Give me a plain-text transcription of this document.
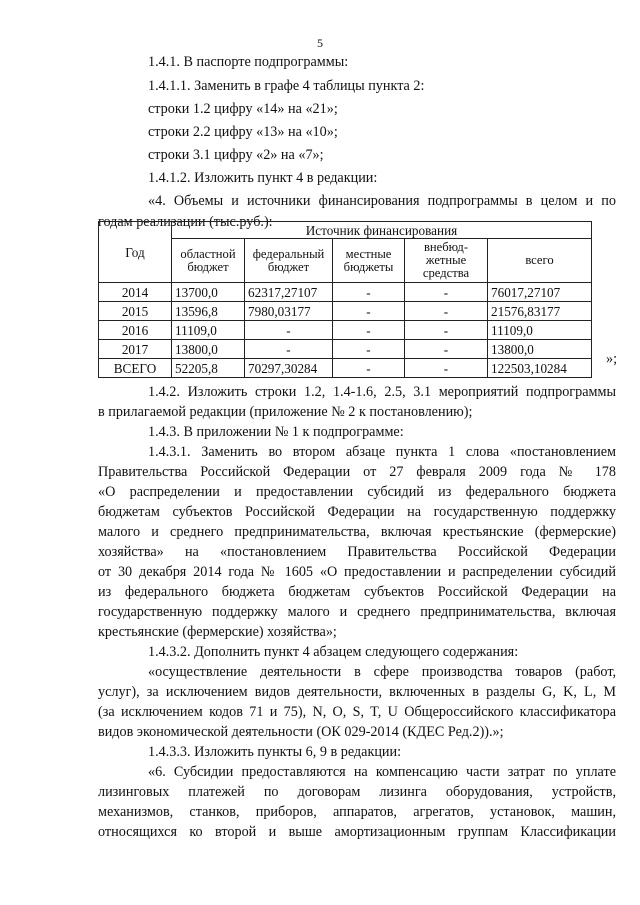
5
1.4.1. В паспорте подпрограммы:
1.4.1.1. Заменить в графе 4 таблицы пункта 2:
строки 1.2 цифру «14» на «21»;
строки 2.2 цифру «13» на «10»;
строки 3.1 цифру «2» на «7»;
1.4.1.2. Изложить пункт 4 в редакции:
«4. Объемы и источники финансирования подпрограммы в целом и по
годам реализации (тыс.руб.):
Год	Источник финансирования				
	областной бюджет	федеральный бюджет	местные бюджеты	внебюд-жетные средства	всего
2014	13700,0	62317,27107	-	-	76017,27107
2015	13596,8	7980,03177	-	-	21576,83177
2016	11109,0	-	-	-	11109,0
2017	13800,0	-	-	-	13800,0
ВСЕГО	52205,8	70297,30284	-	-	122503,10284
»;
1.4.2. Изложить строки 1.2, 1.4-1.6, 2.5, 3.1 мероприятий подпрограммы
в прилагаемой редакции (приложение № 2 к постановлению);
1.4.3. В приложении № 1 к подпрограмме:
1.4.3.1. Заменить во втором абзаце пункта 1 слова «постановлением
Правительства Российской Федерации от 27 февраля 2009 года № 178
«О распределении и предоставлении субсидий из федерального бюджета
бюджетам субъектов Российской Федерации на государственную поддержку
малого и среднего предпринимательства, включая крестьянские (фермерские)
хозяйства» на «постановлением Правительства Российской Федерации
от 30 декабря 2014 года № 1605 «О предоставлении и распределении субсидий
из федерального бюджета бюджетам субъектов Российской Федерации на
государственную поддержку малого и среднего предпринимательства, включая
крестьянские (фермерские) хозяйства»;
1.4.3.2. Дополнить пункт 4 абзацем следующего содержания:
«осуществление деятельности в сфере производства товаров (работ,
услуг), за исключением видов деятельности, включенных в разделы G, K, L, M
(за исключением кодов 71 и 75), N, O, S, T, U Общероссийского классификатора
видов экономической деятельности (ОК 029-2014 (КДЕС Ред.2)).»;
1.4.3.3. Изложить пункты 6, 9 в редакции:
«6. Субсидии предоставляются на компенсацию части затрат по уплате
лизинговых платежей по договорам лизинга оборудования, устройств,
механизмов, станков, приборов, аппаратов, агрегатов, установок, машин,
относящихся ко второй и выше амортизационным группам Классификации
